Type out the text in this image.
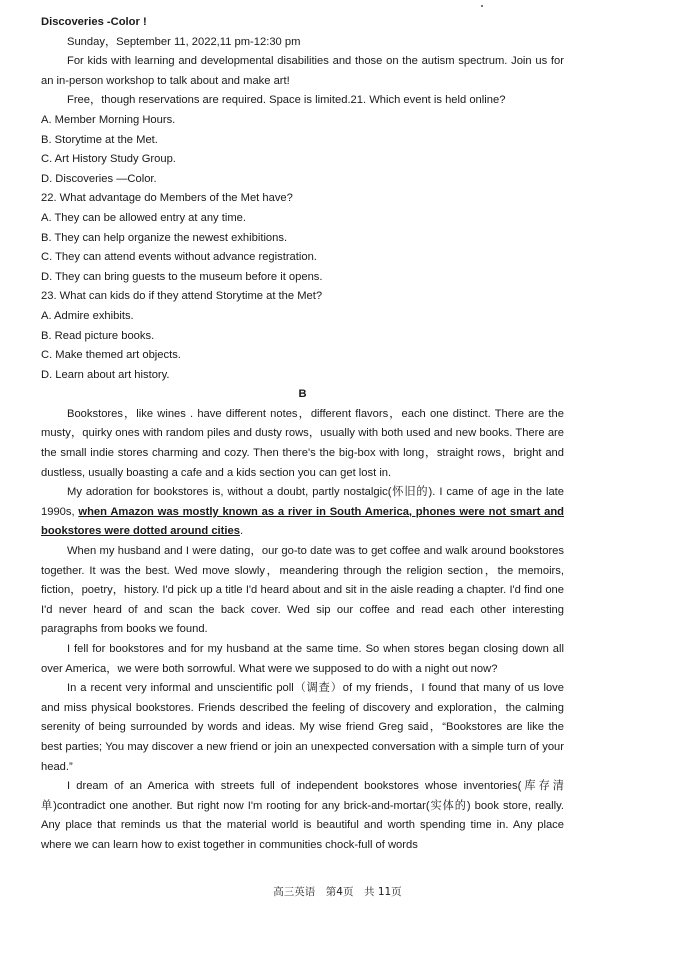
Discoveries -Color !
Sunday，September 11, 2022,11 pm-12:30 pm
For kids with learning and developmental disabilities and those on the autism spectrum. Join us for an in-person workshop to talk about and make art!
Free，though reservations are required. Space is limited.21. Which event is held online?
A. Member Morning Hours.
B. Storytime at the Met.
C. Art History Study Group.
D. Discoveries —Color.
22. What advantage do Members of the Met have?
A. They can be allowed entry at any time.
B. They can help organize the newest exhibitions.
C. They can attend events without advance registration.
D. They can bring guests to the museum before it opens.
23. What can kids do if they attend Storytime at the Met?
A. Admire exhibits.
B. Read picture books.
C. Make themed art objects.
D. Learn about art history.
B
Bookstores，like wines . have different notes，different flavors，each one distinct. There are the musty，quirky ones with random piles and dusty rows，usually with both used and new books. There are the small indie stores charming and cozy. Then there's the big-box with long，straight rows，bright and dustless, usually boasting a cafe and a kids section you can get lost in.
My adoration for bookstores is, without a doubt, partly nostalgic(怀旧的). I came of age in the late 1990s, when Amazon was mostly known as a river in South America, phones were not smart and bookstores were dotted around cities.
When my husband and I were dating，our go-to date was to get coffee and walk around bookstores together. It was the best. Wed move slowly，meandering through the religion section，the memoirs, fiction，poetry，history. I'd pick up a title I'd heard about and sit in the aisle reading a chapter. I'd find one I'd never heard of and scan the back cover. Wed sip our coffee and read each other interesting paragraphs from books we found.
I fell for bookstores and for my husband at the same time. So when stores began closing down all over America，we were both sorrowful. What were we supposed to do with a night out now?
In a recent very informal and unscientific poll（调查）of my friends，I found that many of us love and miss physical bookstores. Friends described the feeling of discovery and exploration，the calming serenity of being surrounded by words and ideas. My wise friend Greg said，“Bookstores are like the best parties; You may discover a new friend or join an unexpected conversation with a simple turn of your head.”
I dream of an America with streets full of independent bookstores whose inventories(库存清单)contradict one another. But right now I'm rooting for any brick-and-mortar(实体的) book store, really. Any place that reminds us that the material world is beautiful and worth spending time in. Any place where we can learn how to exist together in communities chock-full of words
高三英语　第4页　共 11页
